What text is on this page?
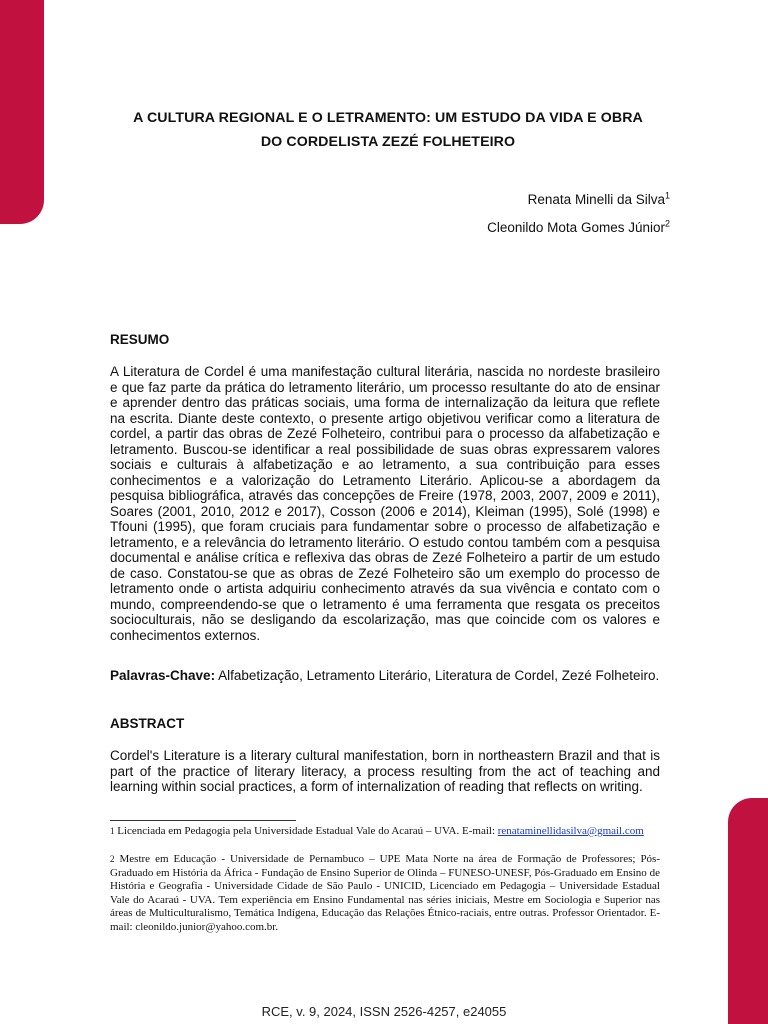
A CULTURA REGIONAL E O LETRAMENTO: UM ESTUDO DA VIDA E OBRA
DO CORDELISTA ZEZÉ FOLHETEIRO
Renata Minelli da Silva$^1$
Cleonildo Mota Gomes Júnior$^2$
RESUMO
A Literatura de Cordel é uma manifestação cultural literária, nascida no nordeste brasileiro e que faz parte da prática do letramento literário, um processo resultante do ato de ensinar e aprender dentro das práticas sociais, uma forma de internalização da leitura que reflete na escrita. Diante deste contexto, o presente artigo objetivou verificar como a literatura de cordel, a partir das obras de Zezé Folheteiro, contribui para o processo da alfabetização e letramento. Buscou-se identificar a real possibilidade de suas obras expressarem valores sociais e culturais à alfabetização e ao letramento, a sua contribuição para esses conhecimentos e a valorização do Letramento Literário. Aplicou-se a abordagem da pesquisa bibliográfica, através das concepções de Freire (1978, 2003, 2007, 2009 e 2011), Soares (2001, 2010, 2012 e 2017), Cosson (2006 e 2014), Kleiman (1995), Solé (1998) e Tfouni (1995), que foram cruciais para fundamentar sobre o processo de alfabetização e letramento, e a relevância do letramento literário. O estudo contou também com a pesquisa documental e análise crítica e reflexiva das obras de Zezé Folheteiro a partir de um estudo de caso. Constatou-se que as obras de Zezé Folheteiro são um exemplo do processo de letramento onde o artista adquiriu conhecimento através da sua vivência e contato com o mundo, compreendendo-se que o letramento é uma ferramenta que resgata os preceitos socioculturais, não se desligando da escolarização, mas que coincide com os valores e conhecimentos externos.
Palavras-Chave: Alfabetização, Letramento Literário, Literatura de Cordel, Zezé Folheteiro.
ABSTRACT
Cordel's Literature is a literary cultural manifestation, born in northeastern Brazil and that is part of the practice of literary literacy, a process resulting from the act of teaching and learning within social practices, a form of internalization of reading that reflects on writing.
$^1$ Licenciada em Pedagogia pela Universidade Estadual Vale do Acaraú – UVA. E-mail: renataminellidasilva@gmail.com
$^2$ Mestre em Educação - Universidade de Pernambuco – UPE Mata Norte na área de Formação de Professores; Pós-Graduado em História da África - Fundação de Ensino Superior de Olinda – FUNESO-UNESF, Pós-Graduado em Ensino de História e Geografia - Universidade Cidade de São Paulo - UNICID, Licenciado em Pedagogia – Universidade Estadual Vale do Acaraú - UVA. Tem experiência em Ensino Fundamental nas séries iniciais, Mestre em Sociologia e Superior nas áreas de Multiculturalismo, Temática Indígena, Educação das Relações Étnico-raciais, entre outras. Professor Orientador. E-mail: cleonildo.junior@yahoo.com.br.
RCE, v. 9, 2024, ISSN 2526-4257, e24055
